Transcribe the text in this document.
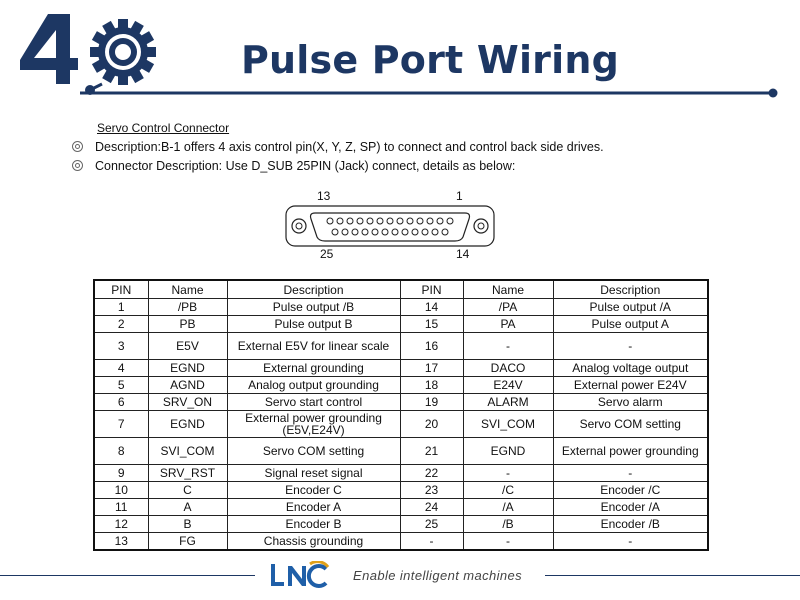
Pulse Port Wiring
Servo Control Connector
Description:B-1 offers 4 axis control pin(X, Y, Z, SP) to connect and control back side drives.
Connector Description: Use D_SUB 25PIN (Jack) connect, details as below:
13	1
25	14
PIN	Name	Description	PIN	Name	Description
1	/PB	Pulse output /B	14	/PA	Pulse output /A
2	PB	Pulse output B	15	PA	Pulse output A
3	E5V	External E5V for linear scale	16	-	-
4	EGND	External grounding	17	DACO	Analog voltage output
5	AGND	Analog output grounding	18	E24V	External power E24V
6	SRV_ON	Servo start control	19	ALARM	Servo alarm
7	EGND	External power grounding (E5V,E24V)	20	SVI_COM	Servo COM setting
8	SVI_COM	Servo COM setting	21	EGND	External power grounding
9	SRV_RST	Signal reset signal	22	-	-
10	C	Encoder C	23	/C	Encoder /C
11	A	Encoder A	24	/A	Encoder /A
12	B	Encoder B	25	/B	Encoder /B
13	FG	Chassis grounding	-	-	-
Enable intelligent machines
